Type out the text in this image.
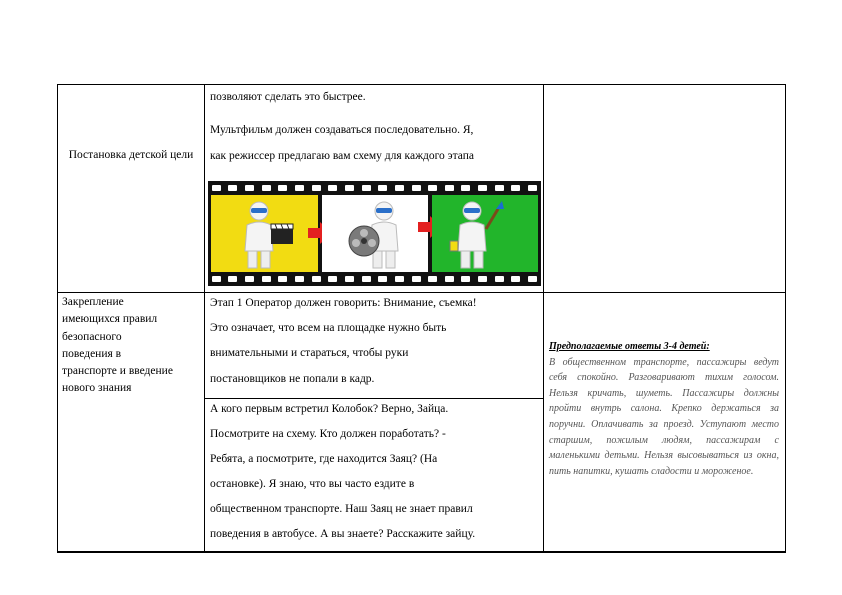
Постановка детской цели
позволяют сделать это быстрее.
Мультфильм должен создаваться последовательно. Я,
как режиссер предлагаю вам схему для каждого этапа
Закрепление
имеющихся правил
безопасного
поведения в
транспорте и введение
нового знания
Этап 1 Оператор должен говорить: Внимание, съемка!
Это означает, что всем на площадке нужно быть
внимательными и стараться, чтобы руки
постановщиков не попали в кадр.
А кого первым встретил Колобок? Верно, Зайца.
Посмотрите на схему. Кто должен поработать? -
Ребята, а посмотрите, где находится Заяц? (На
остановке). Я знаю, что вы часто ездите в
общественном транспорте. Наш Заяц не знает правил
поведения в автобусе. А вы знаете? Расскажите зайцу.
Предполагаемые ответы 3-4 детей:
В общественном транспорте, пассажиры ведут себя спокойно. Разговаривают тихим голосом. Нельзя кричать, шуметь. Пассажиры должны пройти внутрь салона. Крепко держаться за поручни. Оплачивать за проезд. Уступают место старшим, пожилым людям, пассажирам с маленькими детьми. Нельзя высовываться из окна, пить напитки, кушать сладости и мороженое.
